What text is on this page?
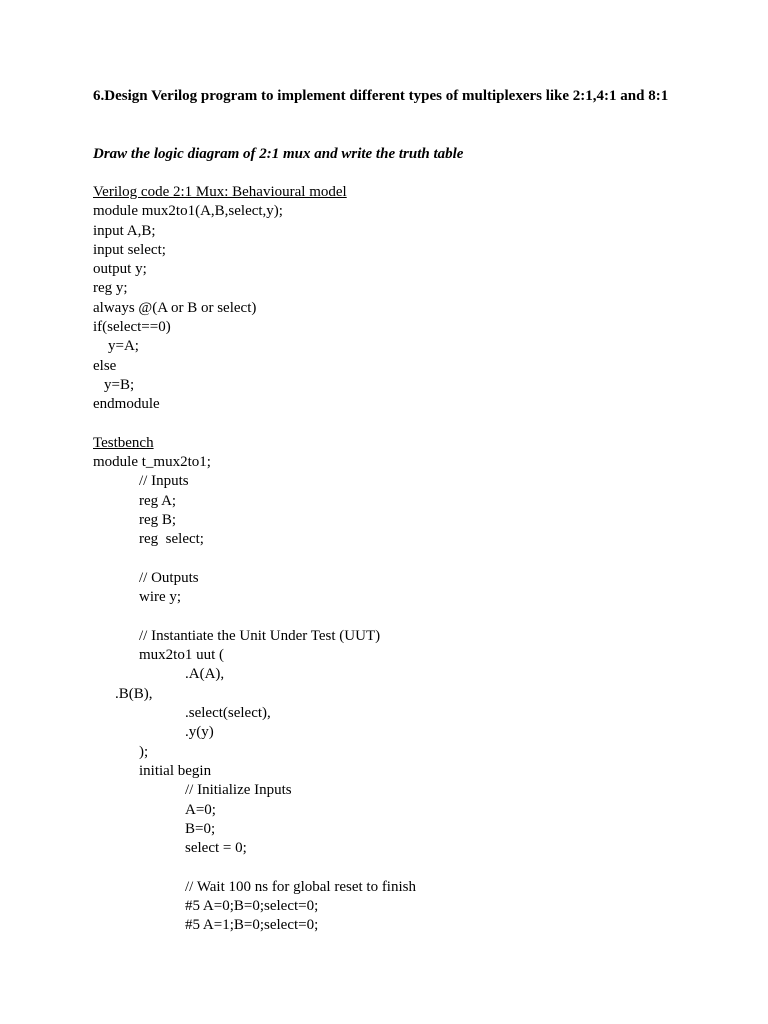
6.Design Verilog program to implement different types of multiplexers like 2:1,4:1 and 8:1
Draw the logic diagram of 2:1 mux and write the truth table
Verilog code 2:1 Mux: Behavioural model
module mux2to1(A,B,select,y);
input A,B;
input select;
output y;
reg y;
always @(A or B or select)
if(select==0)
y=A;
else
y=B;
endmodule
Testbench
module t_mux2to1;
// Inputs
reg A;
reg B;
reg  select;
// Outputs
wire y;
// Instantiate the Unit Under Test (UUT)
mux2to1 uut (
.A(A),
.B(B),
.select(select),
.y(y)
);
initial begin
// Initialize Inputs
A=0;
B=0;
select = 0;
// Wait 100 ns for global reset to finish
#5 A=0;B=0;select=0;
#5 A=1;B=0;select=0;
